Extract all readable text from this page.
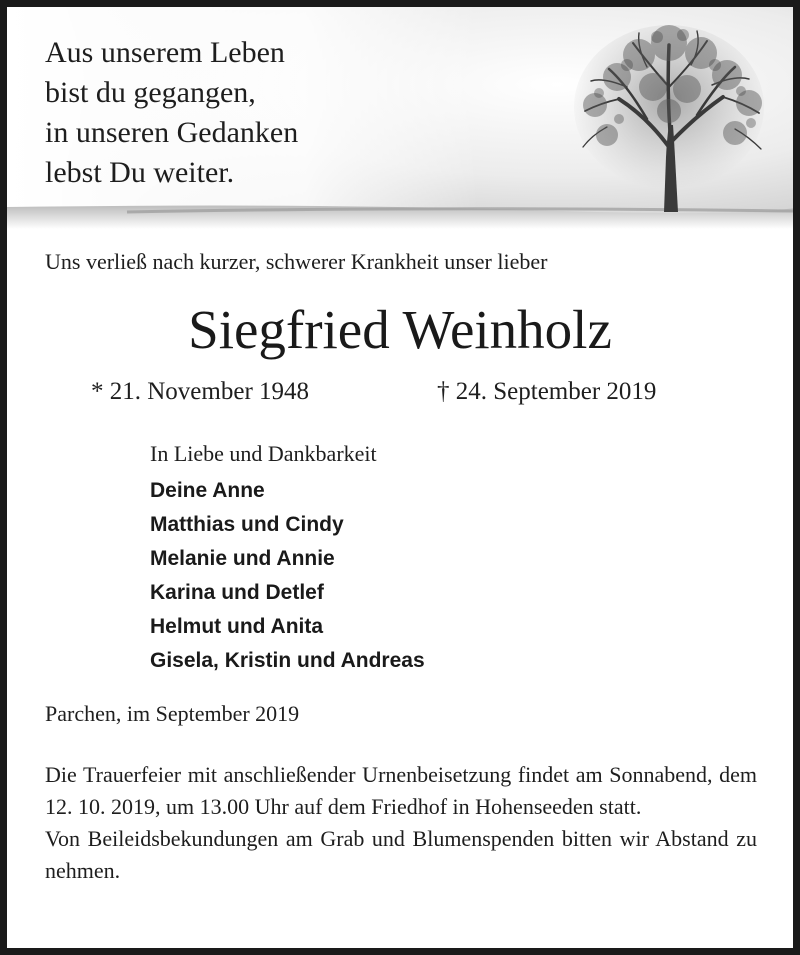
Aus unserem Leben
bist du gegangen,
in unseren Gedanken
lebst Du weiter.
Uns verließ nach kurzer, schwerer Krankheit unser lieber
Siegfried Weinholz
* 21. November 1948	† 24. September 2019
In Liebe und Dankbarkeit
Deine Anne
Matthias und Cindy
Melanie und Annie
Karina und Detlef
Helmut und Anita
Gisela, Kristin und Andreas
Parchen, im September 2019

Die Trauerfeier mit anschließender Urnenbeisetzung findet am Sonnabend, dem 12. 10. 2019, um 13.00 Uhr auf dem Friedhof in Hohenseeden statt.

Von Beileidsbekundungen am Grab und Blumenspenden bitten wir Abstand zu nehmen.
